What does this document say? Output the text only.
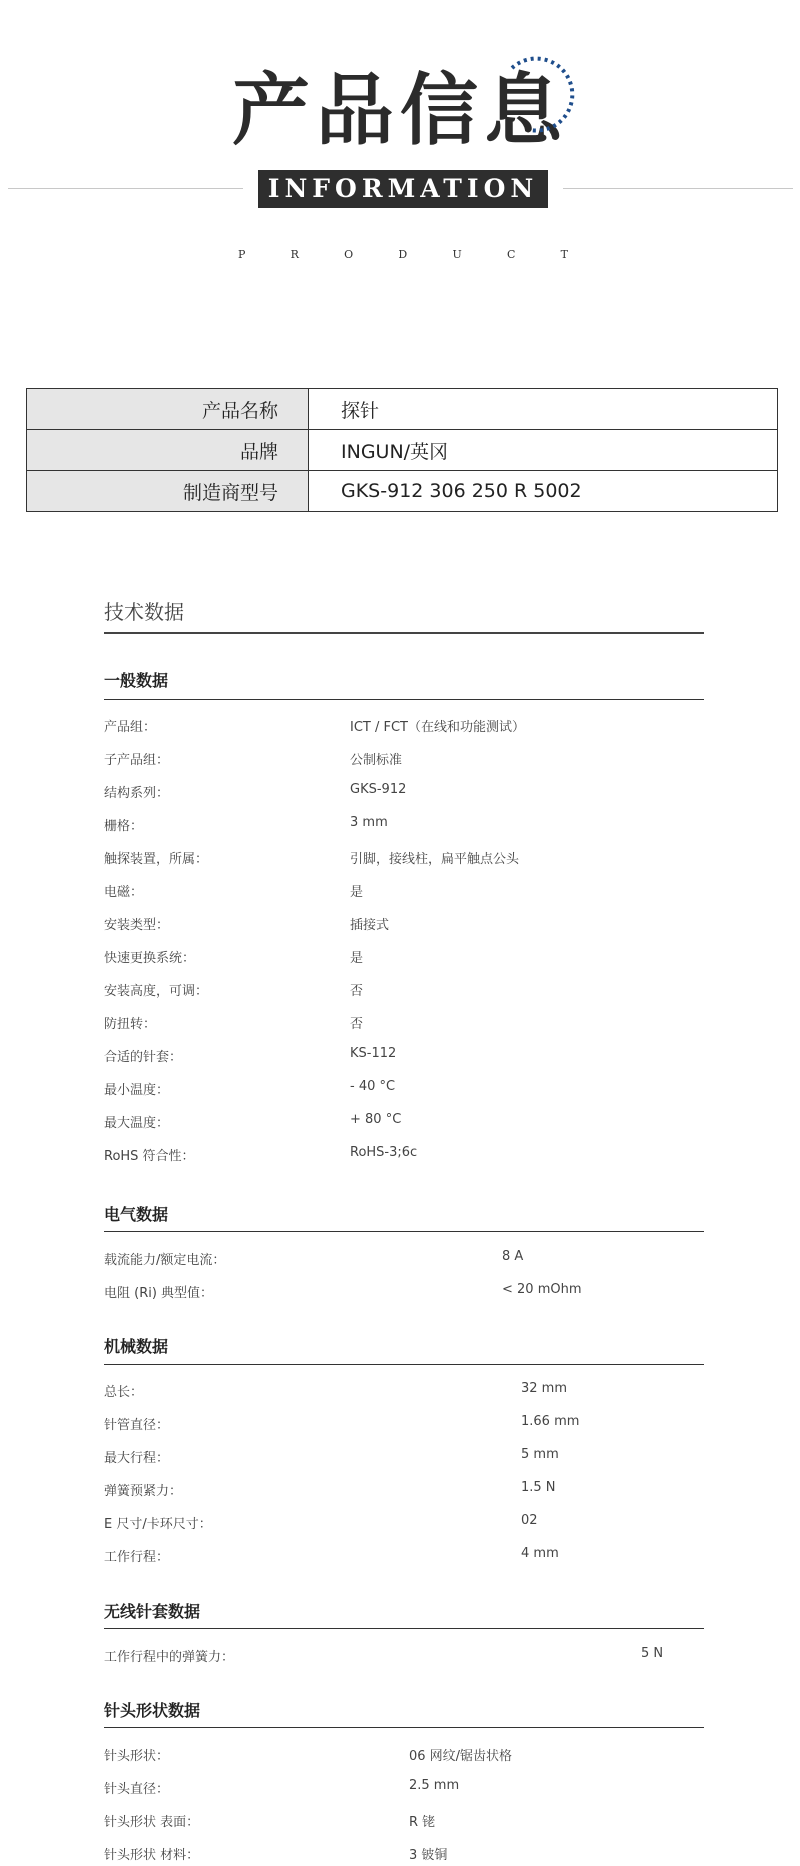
产品信息
INFORMATION
P	R	O	D	U	C	T
产品名称	探针
品牌	INGUN/英冈
制造商型号	GKS-912 306 250 R 5002
技术数据
一般数据
产品组：	ICT / FCT（在线和功能测试）
子产品组：	公制标准
结构系列：	GKS-912
栅格：	3 mm
触探装置，所属：	引脚，接线柱，扁平触点公头
电磁：	是
安装类型：	插接式
快速更换系统：	是
安装高度，可调：	否
防扭转：	否
合适的针套：	KS-112
最小温度：	- 40 °C
最大温度：	+ 80 °C
RoHS 符合性：	RoHS-3;6c
电气数据
载流能力/额定电流：	8 A
电阻 (Ri) 典型值：	< 20 mOhm
机械数据
总长：	32 mm
针管直径：	1.66 mm
最大行程：	5 mm
弹簧预紧力：	1.5 N
E 尺寸/卡环尺寸：	02
工作行程：	4 mm
无线针套数据
工作行程中的弹簧力：	5 N
针头形状数据
针头形状：	06 网纹/锯齿状格
针头直径：	2.5 mm
针头形状 表面：	R 铑
针头形状 材料：	3 铍铜
